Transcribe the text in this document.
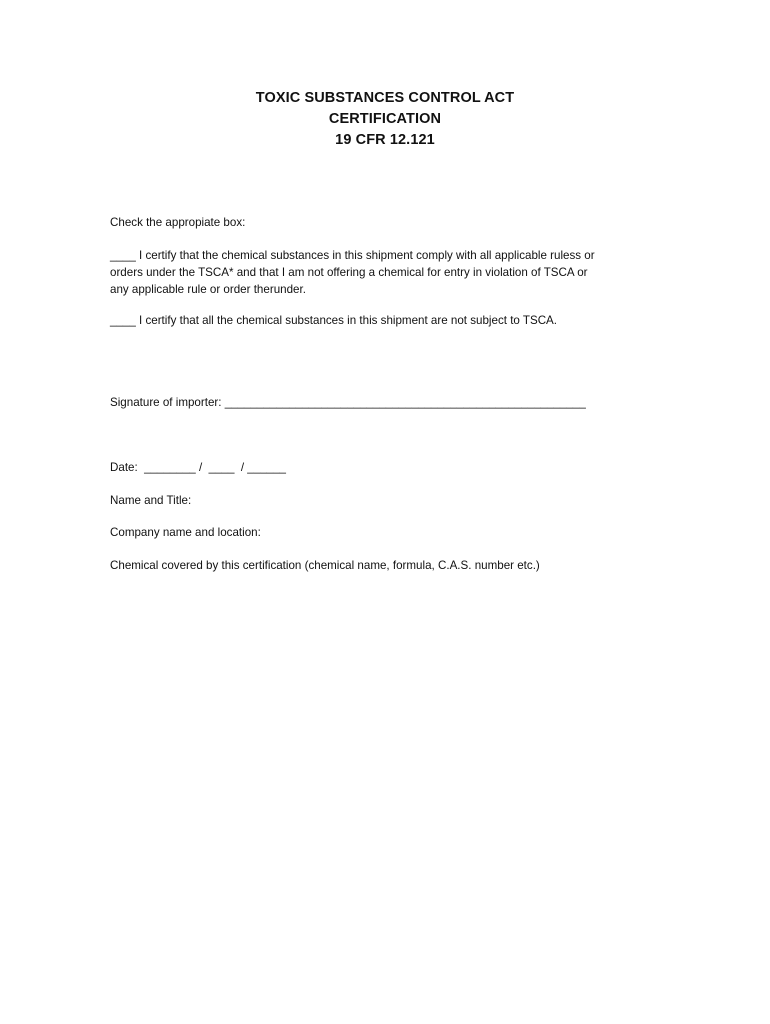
TOXIC SUBSTANCES CONTROL ACT
CERTIFICATION
19 CFR 12.121
Check the appropiate box:
____ I certify that the chemical substances in this shipment comply with all applicable ruless or
orders under the TSCA* and that I am not offering a chemical for entry in violation of TSCA or
any applicable rule or order therunder.
____ I certify that all the chemical substances in this shipment are not subject to TSCA.
Signature of importer: ________________________________________________________
Date:  ________ /  ____  / ______
Name and Title:
Company name and location:
Chemical covered by this certification (chemical name, formula, C.A.S. number etc.)
